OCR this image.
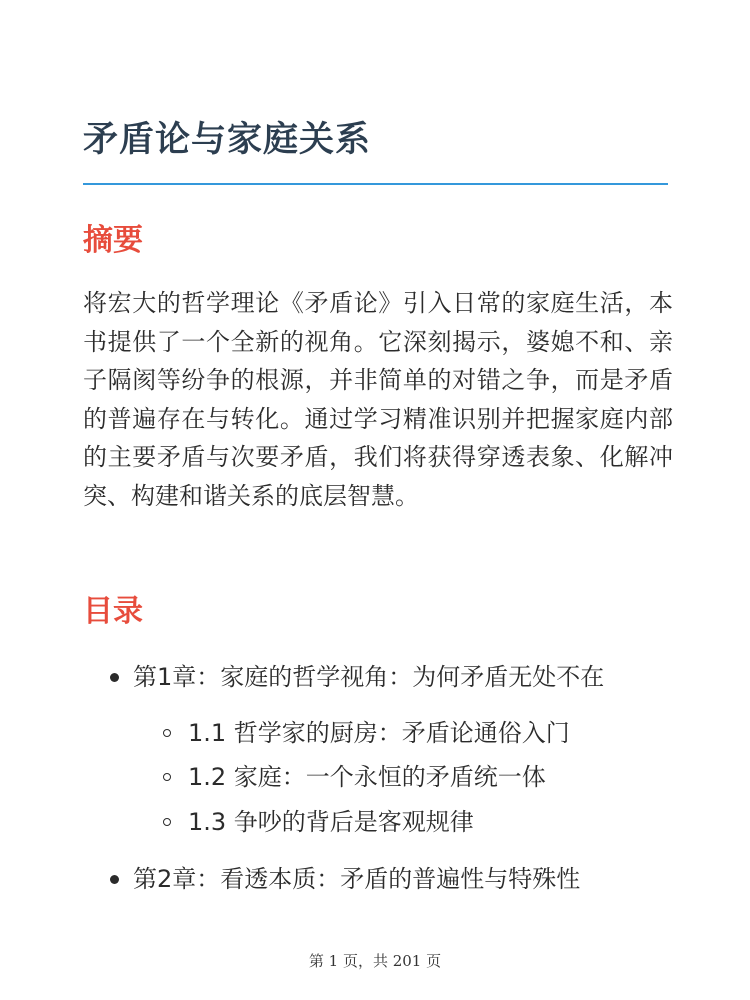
矛盾论与家庭关系
摘要

将宏大的哲学理论《矛盾论》引入日常的家庭生活，本书提供了一个全新的视角。它深刻揭示，婆媳不和、亲子隔阂等纷争的根源，并非简单的对错之争，而是矛盾的普遍存在与转化。通过学习精准识别并把握家庭内部的主要矛盾与次要矛盾，我们将获得穿透表象、化解冲突、构建和谐关系的底层智慧。

目录
第1章：家庭的哲学视角：为何矛盾无处不在
1.1 哲学家的厨房：矛盾论通俗入门
1.2 家庭：一个永恒的矛盾统一体
1.3 争吵的背后是客观规律
第2章：看透本质：矛盾的普遍性与特殊性
第 1 页，共 201 页
